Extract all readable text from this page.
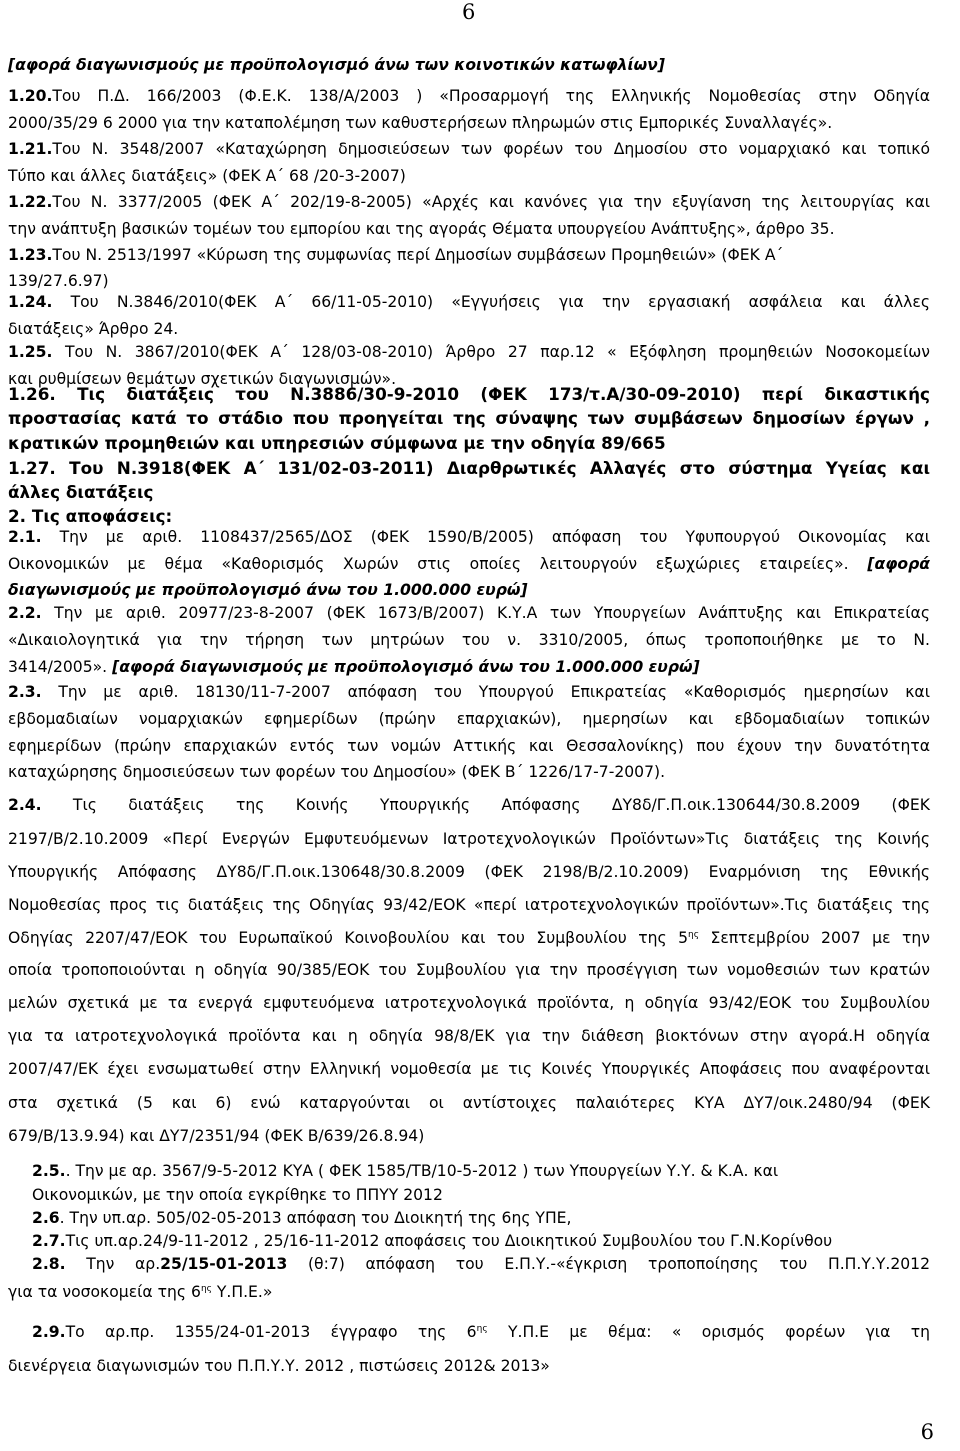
6
[αφορά διαγωνισμούς με προϋπολογισμό άνω των κοινοτικών κατωφλίων]
1.20.Του Π.Δ. 166/2003 (Φ.Ε.Κ. 138/Α/2003 ) «Προσαρμογή της Ελληνικής Νομοθεσίας στην Οδηγία
2000/35/29 6 2000 για την καταπολέμηση των καθυστερήσεων πληρωμών στις Εμπορικές Συναλλαγές».
1.21.Του Ν. 3548/2007 «Καταχώρηση δημοσιεύσεων των φορέων του Δημοσίου στο νομαρχιακό και τοπικό
Τύπο και άλλες διατάξεις» (ΦΕΚ Α΄ 68 /20-3-2007)
1.22.Του Ν. 3377/2005 (ΦΕΚ Α΄ 202/19-8-2005) «Αρχές και κανόνες για την εξυγίανση της λειτουργίας και
την ανάπτυξη βασικών τομέων του εμπορίου και της αγοράς Θέματα υπουργείου Ανάπτυξης», άρθρο 35.
1.23.Του Ν. 2513/1997 «Κύρωση της συμφωνίας περί Δημοσίων συμβάσεων Προμηθειών» (ΦΕΚ Α΄
139/27.6.97)
1.24. Του Ν.3846/2010(ΦΕΚ Α΄ 66/11-05-2010) «Εγγυήσεις για την εργασιακή ασφάλεια και άλλες
διατάξεις» Άρθρο 24.
1.25. Του Ν. 3867/2010(ΦΕΚ Α΄ 128/03-08-2010) Άρθρο 27 παρ.12 « Εξόφληση προμηθειών Νοσοκομείων
και ρυθμίσεων θεμάτων σχετικών διαγωνισμών».
1.26. Τις διατάξεις του Ν.3886/30-9-2010 (ΦΕΚ 173/τ.Α/30-09-2010) περί δικαστικής
προστασίας κατά το στάδιο που προηγείται της σύναψης των συμβάσεων δημοσίων έργων ,
κρατικών προμηθειών και υπηρεσιών σύμφωνα με την οδηγία 89/665
1.27. Του Ν.3918(ΦΕΚ Α΄ 131/02-03-2011) Διαρθρωτικές Αλλαγές στο σύστημα Υγείας και
άλλες διατάξεις
2. Τις αποφάσεις:
2.1. Την με αριθ. 1108437/2565/ΔΟΣ (ΦΕΚ 1590/Β/2005) απόφαση του Υφυπουργού Οικονομίας και
Οικονομικών με θέμα «Καθορισμός Χωρών στις οποίες λειτουργούν εξωχώριες εταιρείες». [αφορά
διαγωνισμούς με προϋπολογισμό άνω του 1.000.000 ευρώ]
2.2. Την με αριθ. 20977/23-8-2007 (ΦΕΚ 1673/Β/2007) Κ.Υ.Α των Υπουργείων Ανάπτυξης και Επικρατείας
«Δικαιολογητικά για την τήρηση των μητρώων του ν. 3310/2005, όπως τροποποιήθηκε με το Ν.
3414/2005». [αφορά διαγωνισμούς με προϋπολογισμό άνω του 1.000.000 ευρώ]
2.3. Την με αριθ. 18130/11-7-2007 απόφαση του Υπουργού Επικρατείας «Καθορισμός ημερησίων και
εβδομαδιαίων νομαρχιακών εφημερίδων (πρώην επαρχιακών), ημερησίων και εβδομαδιαίων τοπικών
εφημερίδων (πρώην επαρχιακών εντός των νομών Αττικής και Θεσσαλονίκης) που έχουν την δυνατότητα
καταχώρησης δημοσιεύσεων των φορέων του Δημοσίου» (ΦΕΚ Β΄ 1226/17-7-2007).
2.4. Τις διατάξεις της Κοινής Υπουργικής Απόφασης ΔΥ8δ/Γ.Π.οικ.130644/30.8.2009 (ΦΕΚ
2197/Β/2.10.2009 «Περί Ενεργών Εμφυτευόμενων Ιατροτεχνολογικών Προϊόντων»Τις διατάξεις της Κοινής
Υπουργικής Απόφασης ΔΥ8δ/Γ.Π.οικ.130648/30.8.2009 (ΦΕΚ 2198/Β/2.10.2009) Εναρμόνιση της Εθνικής
Νομοθεσίας προς τις διατάξεις της Οδηγίας 93/42/ΕΟΚ «περί ιατροτεχνολογικών προϊόντων».Τις διατάξεις της
Οδηγίας 2207/47/ΕΟΚ του Ευρωπαϊκού Κοινοβουλίου και του Συμβουλίου της $5^{\eta\varsigma}$ Σεπτεμβρίου 2007 με την
οποία τροποποιούνται η οδηγία 90/385/ΕΟΚ του Συμβουλίου για την προσέγγιση των νομοθεσιών των κρατών
μελών σχετικά με τα ενεργά εμφυτευόμενα ιατροτεχνολογικά προϊόντα, η οδηγία 93/42/ΕΟΚ του Συμβουλίου
για τα ιατροτεχνολογικά προϊόντα και η οδηγία 98/8/ΕΚ για την διάθεση βιοκτόνων στην αγορά.Η οδηγία
2007/47/ΕΚ έχει ενσωματωθεί στην Ελληνική νομοθεσία με τις Κοινές Υπουργικές Αποφάσεις που αναφέρονται
στα σχετικά (5 και 6) ενώ καταργούνται οι αντίστοιχες παλαιότερες ΚΥΑ ΔΥ7/οικ.2480/94 (ΦΕΚ
679/Β/13.9.94) και ΔΥ7/2351/94 (ΦΕΚ Β/639/26.8.94)
2.5.. Την με αρ. 3567/9-5-2012 ΚΥΑ ( ΦΕΚ 1585/ΤΒ/10-5-2012 ) των Υπουργείων Υ.Υ. & Κ.Α. και
Οικονομικών, με την οποία εγκρίθηκε το ΠΠΥΥ 2012
2.6. Την υπ.αρ. 505/02-05-2013 απόφαση του Διοικητή της 6ης ΥΠΕ,
2.7.Τις υπ.αρ.24/9-11-2012 , 25/16-11-2012 αποφάσεις του Διοικητικού Συμβουλίου του Γ.Ν.Κορίνθου
2.8. Την αρ.25/15-01-2013 (θ:7) απόφαση του Ε.Π.Υ.-«έγκριση τροποποίησης του Π.Π.Υ.Υ.2012
για τα νοσοκομεία της $6^{\eta\varsigma}$ Υ.Π.Ε.»
2.9.Το αρ.πρ. 1355/24-01-2013 έγγραφο της $6^{\eta\varsigma}$ Υ.Π.Ε με θέμα: « ορισμός φορέων για τη
διενέργεια διαγωνισμών του Π.Π.Υ.Υ. 2012 , πιστώσεις 2012& 2013»
6
